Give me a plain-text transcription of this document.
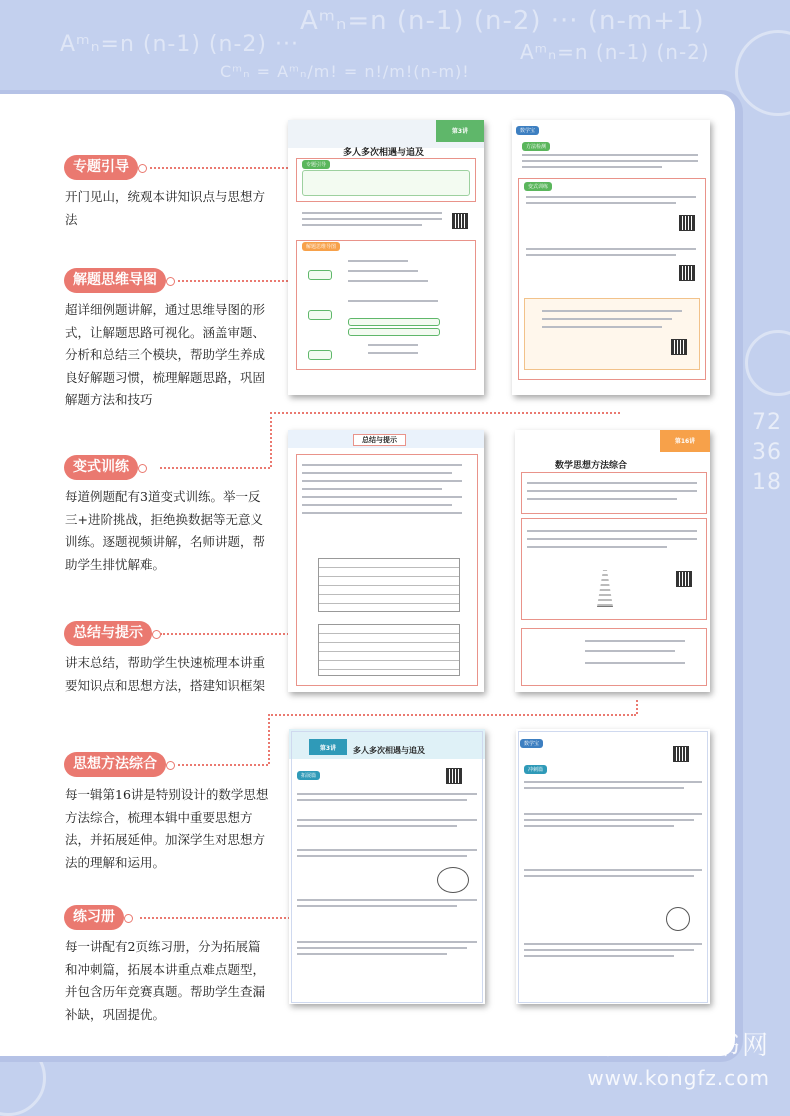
Aᵐₙ=n (n-1) (n-2) ··· (n-m+1)
Aᵐₙ=n (n-1) (n-2) ···
Cᵐₙ = Aᵐₙ/m! = n!/m!(n-m)!
Aᵐₙ=n (n-1) (n-2)
72
36
18
专题引导
开门见山，统观本讲知识点与思想方法
解题思维导图
超详细例题讲解，通过思维导图的形式，让解题思路可视化。涵盖审题、分析和总结三个模块，帮助学生养成良好解题习惯，梳理解题思路，巩固解题方法和技巧
变式训练
每道例题配有3道变式训练。举一反三+进阶挑战，拒绝换数据等无意义训练。逐题视频讲解，名师讲题，帮助学生排忧解难。
总结与提示
讲末总结，帮助学生快速梳理本讲重要知识点和思想方法，搭建知识框架
思想方法综合
每一辑第16讲是特别设计的数学思想方法综合，梳理本辑中重要思想方法，并拓展延伸。加深学生对思想方法的理解和运用。
练习册
每一讲配有2页练习册，分为拓展篇和冲刺篇，拓展本讲重点难点题型，并包含历年竞赛真题。帮助学生查漏补缺，巩固提优。
多人多次相遇与追及
第3讲
专题引导
解题思维导图
数学宝
方法检测
变式训练
总结与提示	第16讲
数学思想方法综合
第3讲	多人多次相遇与追及
拓展篇
数学宝
冲刺篇
孔夫子旧书网
www.kongfz.com
